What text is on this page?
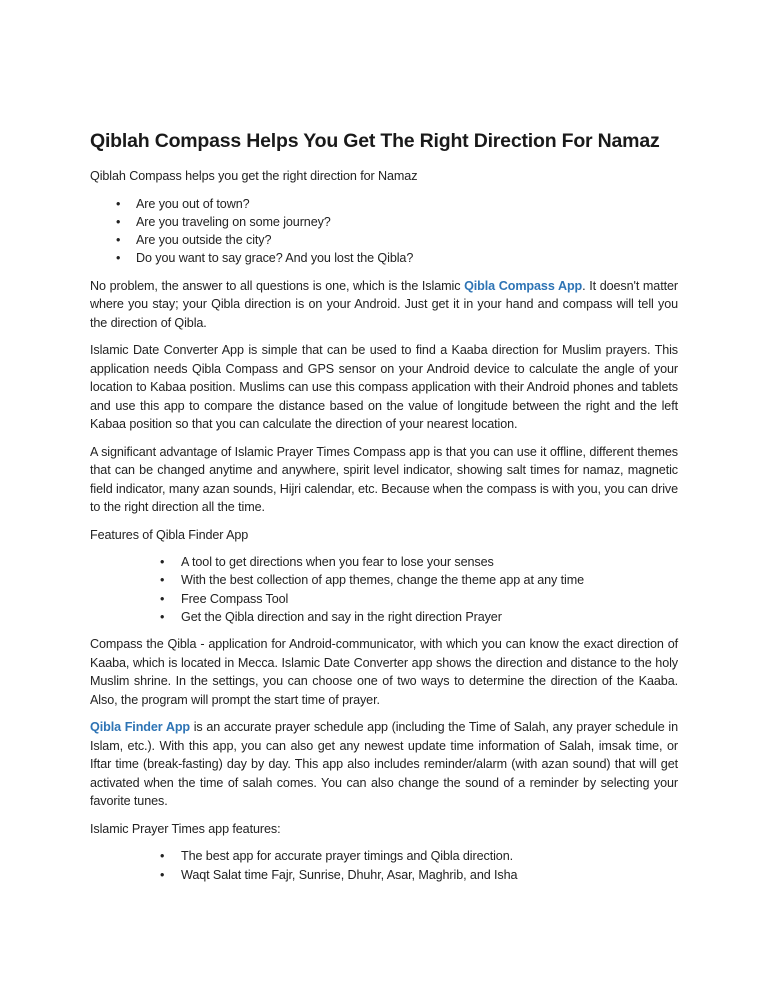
Qiblah Compass Helps You Get The Right Direction For Namaz

Qiblah Compass helps you get the right direction for Namaz

• Are you out of town?
• Are you traveling on some journey?
• Are you outside the city?
• Do you want to say grace? And you lost the Qibla?

No problem, the answer to all questions is one, which is the Islamic Qibla Compass App. It doesn't matter where you stay; your Qibla direction is on your Android. Just get it in your hand and compass will tell you the direction of Qibla.

Islamic Date Converter App is simple that can be used to find a Kaaba direction for Muslim prayers. This application needs Qibla Compass and GPS sensor on your Android device to calculate the angle of your location to Kabaa position. Muslims can use this compass application with their Android phones and tablets and use this app to compare the distance based on the value of longitude between the right and the left Kabaa position so that you can calculate the direction of your nearest location.

A significant advantage of Islamic Prayer Times Compass app is that you can use it offline, different themes that can be changed anytime and anywhere, spirit level indicator, showing salt times for namaz, magnetic field indicator, many azan sounds, Hijri calendar, etc. Because when the compass is with you, you can drive to the right direction all the time.

Features of Qibla Finder App

• A tool to get directions when you fear to lose your senses
• With the best collection of app themes, change the theme app at any time
• Free Compass Tool
• Get the Qibla direction and say in the right direction Prayer

Compass the Qibla - application for Android-communicator, with which you can know the exact direction of Kaaba, which is located in Mecca. Islamic Date Converter app shows the direction and distance to the holy Muslim shrine. In the settings, you can choose one of two ways to determine the direction of the Kaaba. Also, the program will prompt the start time of prayer.

Qibla Finder App is an accurate prayer schedule app (including the Time of Salah, any prayer schedule in Islam, etc.). With this app, you can also get any newest update time information of Salah, imsak time, or Iftar time (break-fasting) day by day. This app also includes reminder/alarm (with azan sound) that will get activated when the time of salah comes. You can also change the sound of a reminder by selecting your favorite tunes.

Islamic Prayer Times app features:

• The best app for accurate prayer timings and Qibla direction.
• Waqt Salat time Fajr, Sunrise, Dhuhr, Asar, Maghrib, and Isha
